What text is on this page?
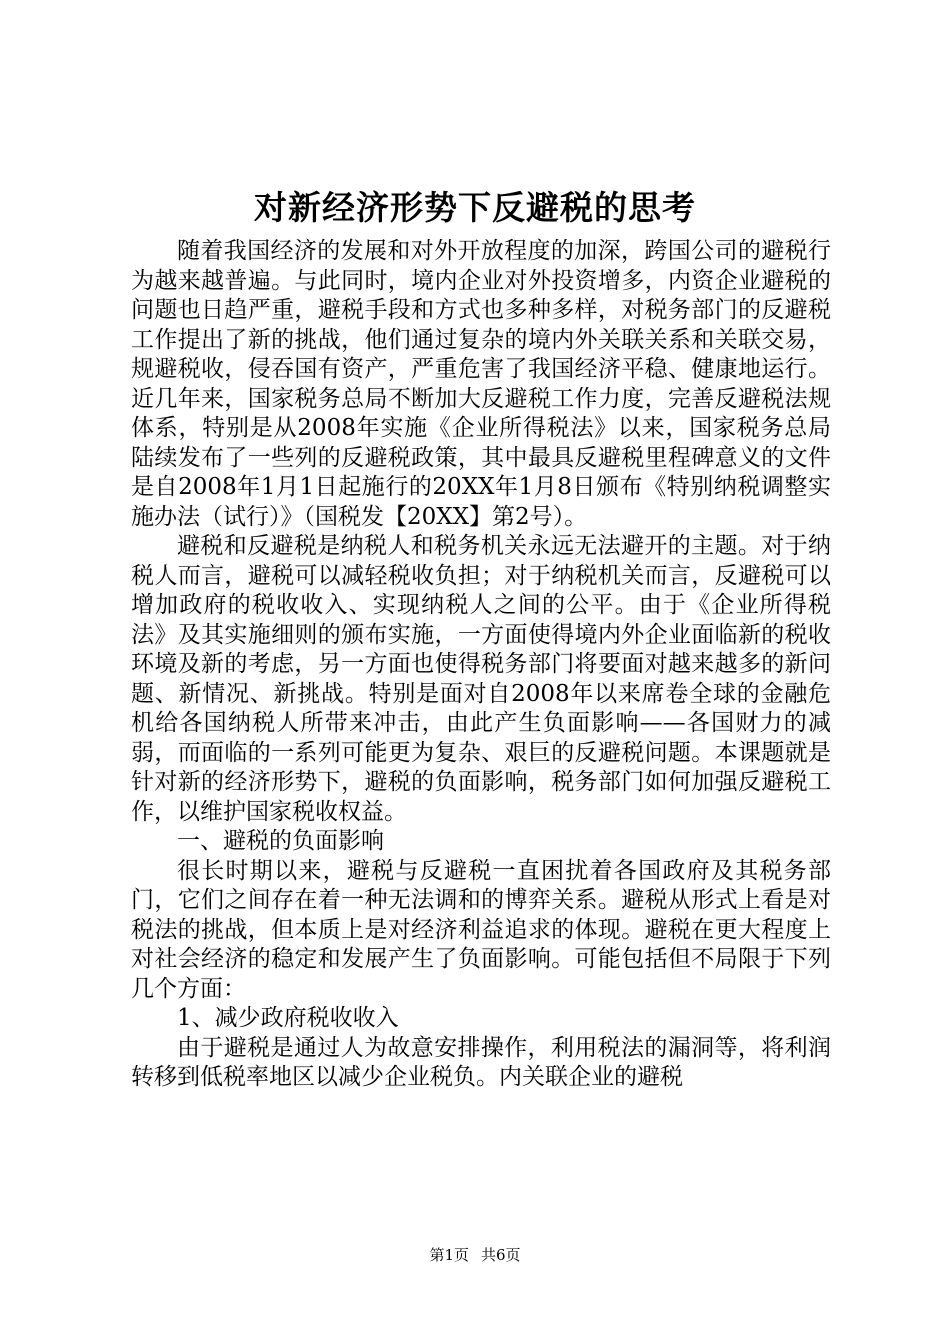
对新经济形势下反避税的思考

随着我国经济的发展和对外开放程度的加深，跨国公司的避税行为越来越普遍。与此同时，境内企业对外投资增多，内资企业避税的问题也日趋严重，避税手段和方式也多种多样，对税务部门的反避税工作提出了新的挑战，他们通过复杂的境内外关联关系和关联交易，规避税收，侵吞国有资产，严重危害了我国经济平稳、健康地运行。近几年来，国家税务总局不断加大反避税工作力度，完善反避税法规体系，特别是从2008年实施《企业所得税法》以来，国家税务总局陆续发布了一些列的反避税政策，其中最具反避税里程碑意义的文件是自2008年1月1日起施行的20XX年1月8日颁布《特别纳税调整实施办法（试行）》（国税发【20XX】第2号）。

避税和反避税是纳税人和税务机关永远无法避开的主题。对于纳税人而言，避税可以减轻税收负担；对于纳税机关而言，反避税可以增加政府的税收收入、实现纳税人之间的公平。由于《企业所得税法》及其实施细则的颁布实施，一方面使得境内外企业面临新的税收环境及新的考虑，另一方面也使得税务部门将要面对越来越多的新问题、新情况、新挑战。特别是面对自2008年以来席卷全球的金融危机给各国纳税人所带来冲击，由此产生负面影响——各国财力的减弱，而面临的一系列可能更为复杂、艰巨的反避税问题。本课题就是针对新的经济形势下，避税的负面影响，税务部门如何加强反避税工作，以维护国家税收权益。

一、避税的负面影响

很长时期以来，避税与反避税一直困扰着各国政府及其税务部门，它们之间存在着一种无法调和的博弈关系。避税从形式上看是对税法的挑战，但本质上是对经济利益追求的体现。避税在更大程度上对社会经济的稳定和发展产生了负面影响。可能包括但不局限于下列几个方面：

1、减少政府税收收入

由于避税是通过人为故意安排操作，利用税法的漏洞等，将利润转移到低税率地区以减少企业税负。内关联企业的避税

第1页 共6页
